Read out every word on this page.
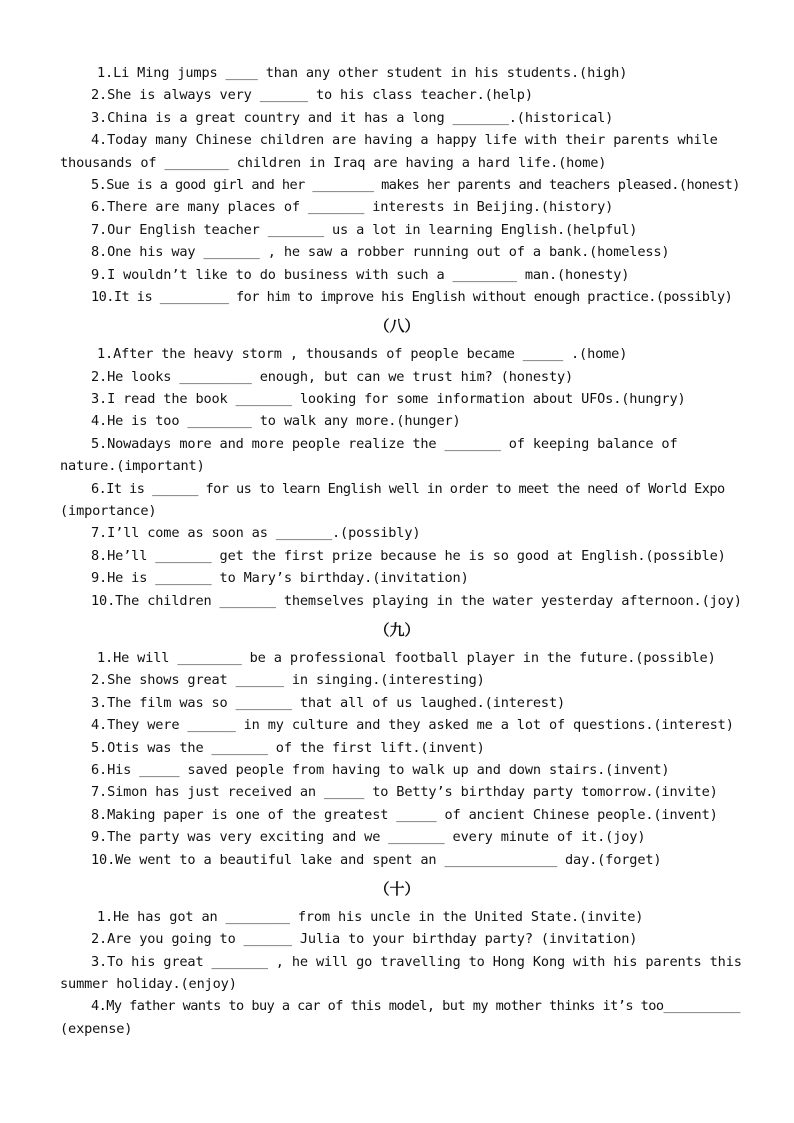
1.Li Ming jumps ____ than any other student in his students.(high)
2.She is always very ______ to his class teacher.(help)
3.China is a great country and it has a long _______.(historical)
4.Today many Chinese children are having a happy life with their parents while
thousands of ________ children in Iraq are having a hard life.(home)
5.Sue is a good girl and her ________ makes her parents and teachers pleased.(honest)
6.There are many places of _______ interests in Beijing.(history)
7.Our English teacher _______ us a lot in learning English.(helpful)
8.One his way _______ , he saw a robber running out of a bank.(homeless)
9.I wouldn’t like to do business with such a ________ man.(honesty)
10.It is _________ for him to improve his English without enough practice.(possibly)
（八）
1.After the heavy storm , thousands of people became _____ .(home)
2.He looks _________ enough, but can we trust him? (honesty)
3.I read the book _______ looking for some information about UFOs.(hungry)
4.He is too ________ to walk any more.(hunger)
5.Nowadays more and more people realize the _______ of keeping balance of
nature.(important)
6.It is ______ for us to learn English well in order to meet the need of World Expo
(importance)
7.I’ll come as soon as _______.(possibly)
8.He’ll _______ get the first prize because he is so good at English.(possible)
9.He is _______ to Mary’s birthday.(invitation)
10.The children _______ themselves playing in the water yesterday afternoon.(joy)
（九）
1.He will ________ be a professional football player in the future.(possible)
2.She shows great ______ in singing.(interesting)
3.The film was so _______ that all of us laughed.(interest)
4.They were ______ in my culture and they asked me a lot of questions.(interest)
5.Otis was the _______ of the first lift.(invent)
6.His _____ saved people from having to walk up and down stairs.(invent)
7.Simon has just received an _____ to Betty’s birthday party tomorrow.(invite)
8.Making paper is one of the greatest _____ of ancient Chinese people.(invent)
9.The party was very exciting and we _______ every minute of it.(joy)
10.We went to a beautiful lake and spent an ______________ day.(forget)
（十）
1.He has got an ________ from his uncle in the United State.(invite)
2.Are you going to ______ Julia to your birthday party? (invitation)
3.To his great _______ , he will go travelling to Hong Kong with his parents this
summer holiday.(enjoy)
4.My father wants to buy a car of this model, but my mother thinks it’s too__________
(expense)
